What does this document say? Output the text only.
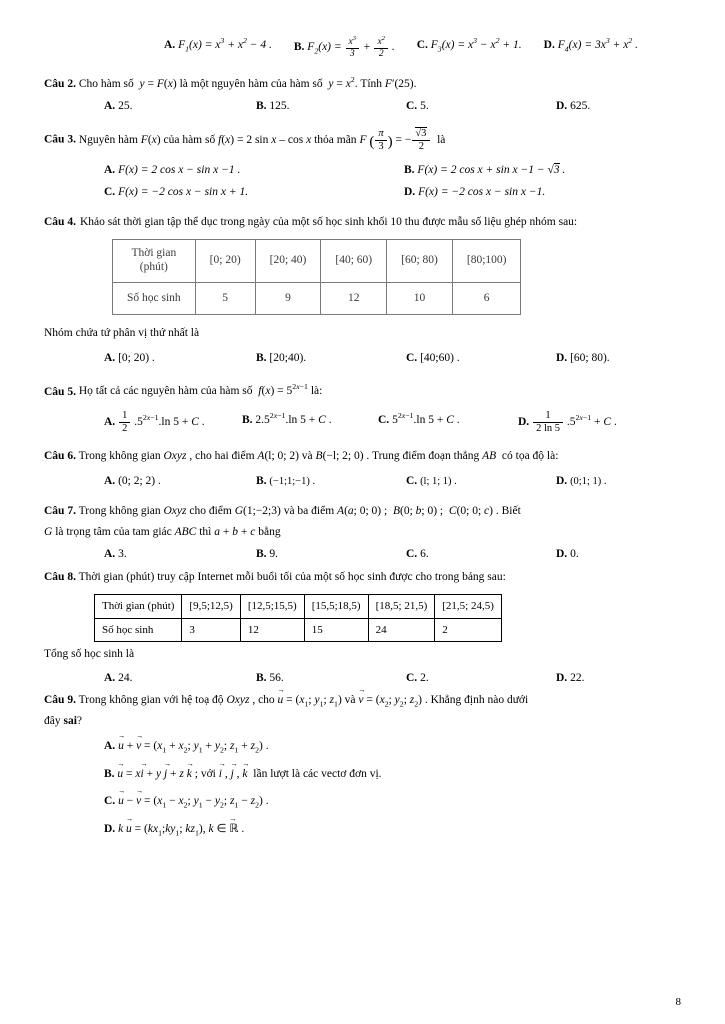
A. $F_1(x) = x^3 + x^2 - 4$ . B. $F_2(x) = \frac{x^3}{3} + \frac{x^2}{2}$ . C. $F_3(x) = x^3 - x^2 + 1$. D. $F_4(x) = 3x^3 + x^2$ .
Câu 2. Cho hàm số  y = F(x) là một nguyên hàm của hàm số  $y = x^2$. Tính F′(25).
A. 25.	B. 125.	C. 5.	D. 625.
Câu 3. Nguyên hàm F(x) của hàm số f(x) = 2 sin x – cos x thỏa mãn F ( $\frac{\pi}{3}$ ) = − $\frac{√3}{2}$ là
A. F(x) = 2 cos x − sin x −1 .	B. F(x) = 2 cos x + sin x −1 − √3 .
C. F(x) = −2 cos x − sin x + 1.	D. F(x) = −2 cos x − sin x −1.
Câu 4. Khảo sát thời gian tập thể dục trong ngày của một số học sinh khối 10 thu được mẫu số liệu ghép nhóm sau:
Thời gian
(phút)	[0; 20)	[20; 40)	[40; 60)	[60; 80)	[80;100)
Số học sinh	5	9	12	10	6
Nhóm chứa tứ phân vị thứ nhất là
A. [0; 20) .	B. [20;40).	C. [40;60) .	D. [60; 80).
Câu 5. Họ tất cả các nguyên hàm của hàm số  $f(x) = 5^{2x-1}$ là:
A. $\frac{1}{2} .5^{2x-1}.\ln$ 5 + C .	B. $2.5^{2x-1}.\ln$ 5 + C .	C. $5^{2x-1}.\ln$ 5 + C .	D. $\frac{1}{2 \ln 5} .5^{2x-1} + C$ .
Câu 6. Trong không gian Oxyz , cho hai điểm A(l; 0; 2) và B(−l; 2; 0) . Trung điểm đoạn thẳng AB  có tọa độ là:
A. (0; 2; 2) .	B. (−1;1;−1) .	C. (l; 1; 1) .	D. (0;1; 1) .
Câu 7. Trong không gian Oxyz cho điểm G(1;−2;3) và ba điểm A(a; 0; 0) ;  B(0; b; 0) ;  C(0; 0; c) . Biết
G là trọng tâm của tam giác ABC thì a + b + c bằng
A. 3.	B. 9.	C. 6.	D. 0.
Câu 8. Thời gian (phút) truy cập Internet mỗi buổi tối của một số học sinh được cho trong bảng sau:
Thời gian (phút)	[9,5;12,5)	[12,5;15,5)	[15,5;18,5)	[18,5; 21,5)	[21,5; 24,5)
Số học sinh	3	12	15	24	2
Tổng số học sinh là
A. 24.	B. 56.	C. 2.	D. 22.
Câu 9. Trong không gian với hệ toạ độ Oxyz , cho u → = ($x_1$; $y_1$; $z_1$) và v → = ($x_2$; $y_2$; $z_2$) . Khẳng định nào dưới
đây sai?
A. u → + v → = ($x_1 + x_2$; $y_1 + y_2$; $z_1 + z_2$) .
B. u → = xi → + y j → + z k → ; với i → , j → , k →  lần lượt là các vectơ đơn vị.
C. u → − v → = ($x_1 - x_2$; $y_1 - y_2$; $z_1 - z_2$) .
D. k u → = ($kx_1;ky_1$; $kz_1$), k ∈ ℝ → .
8
